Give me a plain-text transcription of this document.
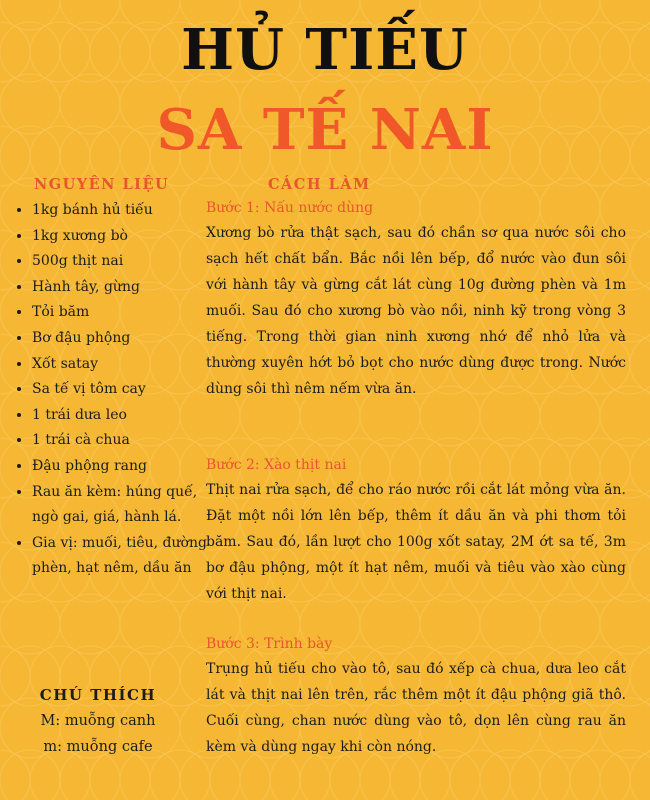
HỦ TIẾU
SA TẾ NAI
NGUYÊN LIỆU	CÁCH LÀM
• 1kg bánh hủ tiếu
• 1kg xương bò
• 500g thịt nai
• Hành tây, gừng
• Tỏi băm
• Bơ đậu phộng
• Xốt satay
• Sa tế vị tôm cay
• 1 trái dưa leo
• 1 trái cà chua
• Đậu phộng rang
• Rau ăn kèm: húng quế, ngò gai, giá, hành lá.
• Gia vị: muối, tiêu, đường phèn, hạt nêm, dầu ăn
CHÚ THÍCH

M: muỗng canh

m: muỗng cafe

Bước 1: Nấu nước dùng

Xương bò rửa thật sạch, sau đó chần sơ qua nước sôi cho sạch hết chất bẩn. Bắc nồi lên bếp, đổ nước vào đun sôi với hành tây và gừng cắt lát cùng 10g đường phèn và 1m muối. Sau đó cho xương bò vào nồi, ninh kỹ trong vòng 3 tiếng. Trong thời gian ninh xương nhớ để nhỏ lửa và thường xuyên hớt bỏ bọt cho nước dùng được trong. Nước dùng sôi thì nêm nếm vừa ăn.

Bước 2: Xào thịt nai

Thịt nai rửa sạch, để cho ráo nước rồi cắt lát mỏng vừa ăn. Đặt một nồi lớn lên bếp, thêm ít dầu ăn và phi thơm tỏi băm. Sau đó, lần lượt cho 100g xốt satay, 2M ớt sa tế, 3m bơ đậu phộng, một ít hạt nêm, muối và tiêu vào xào cùng với thịt nai.

Bước 3: Trình bày

Trụng hủ tiếu cho vào tô, sau đó xếp cà chua, dưa leo cắt lát và thịt nai lên trên, rắc thêm một ít đậu phộng giã thô. Cuối cùng, chan nước dùng vào tô, dọn lên cùng rau ăn kèm và dùng ngay khi còn nóng.
